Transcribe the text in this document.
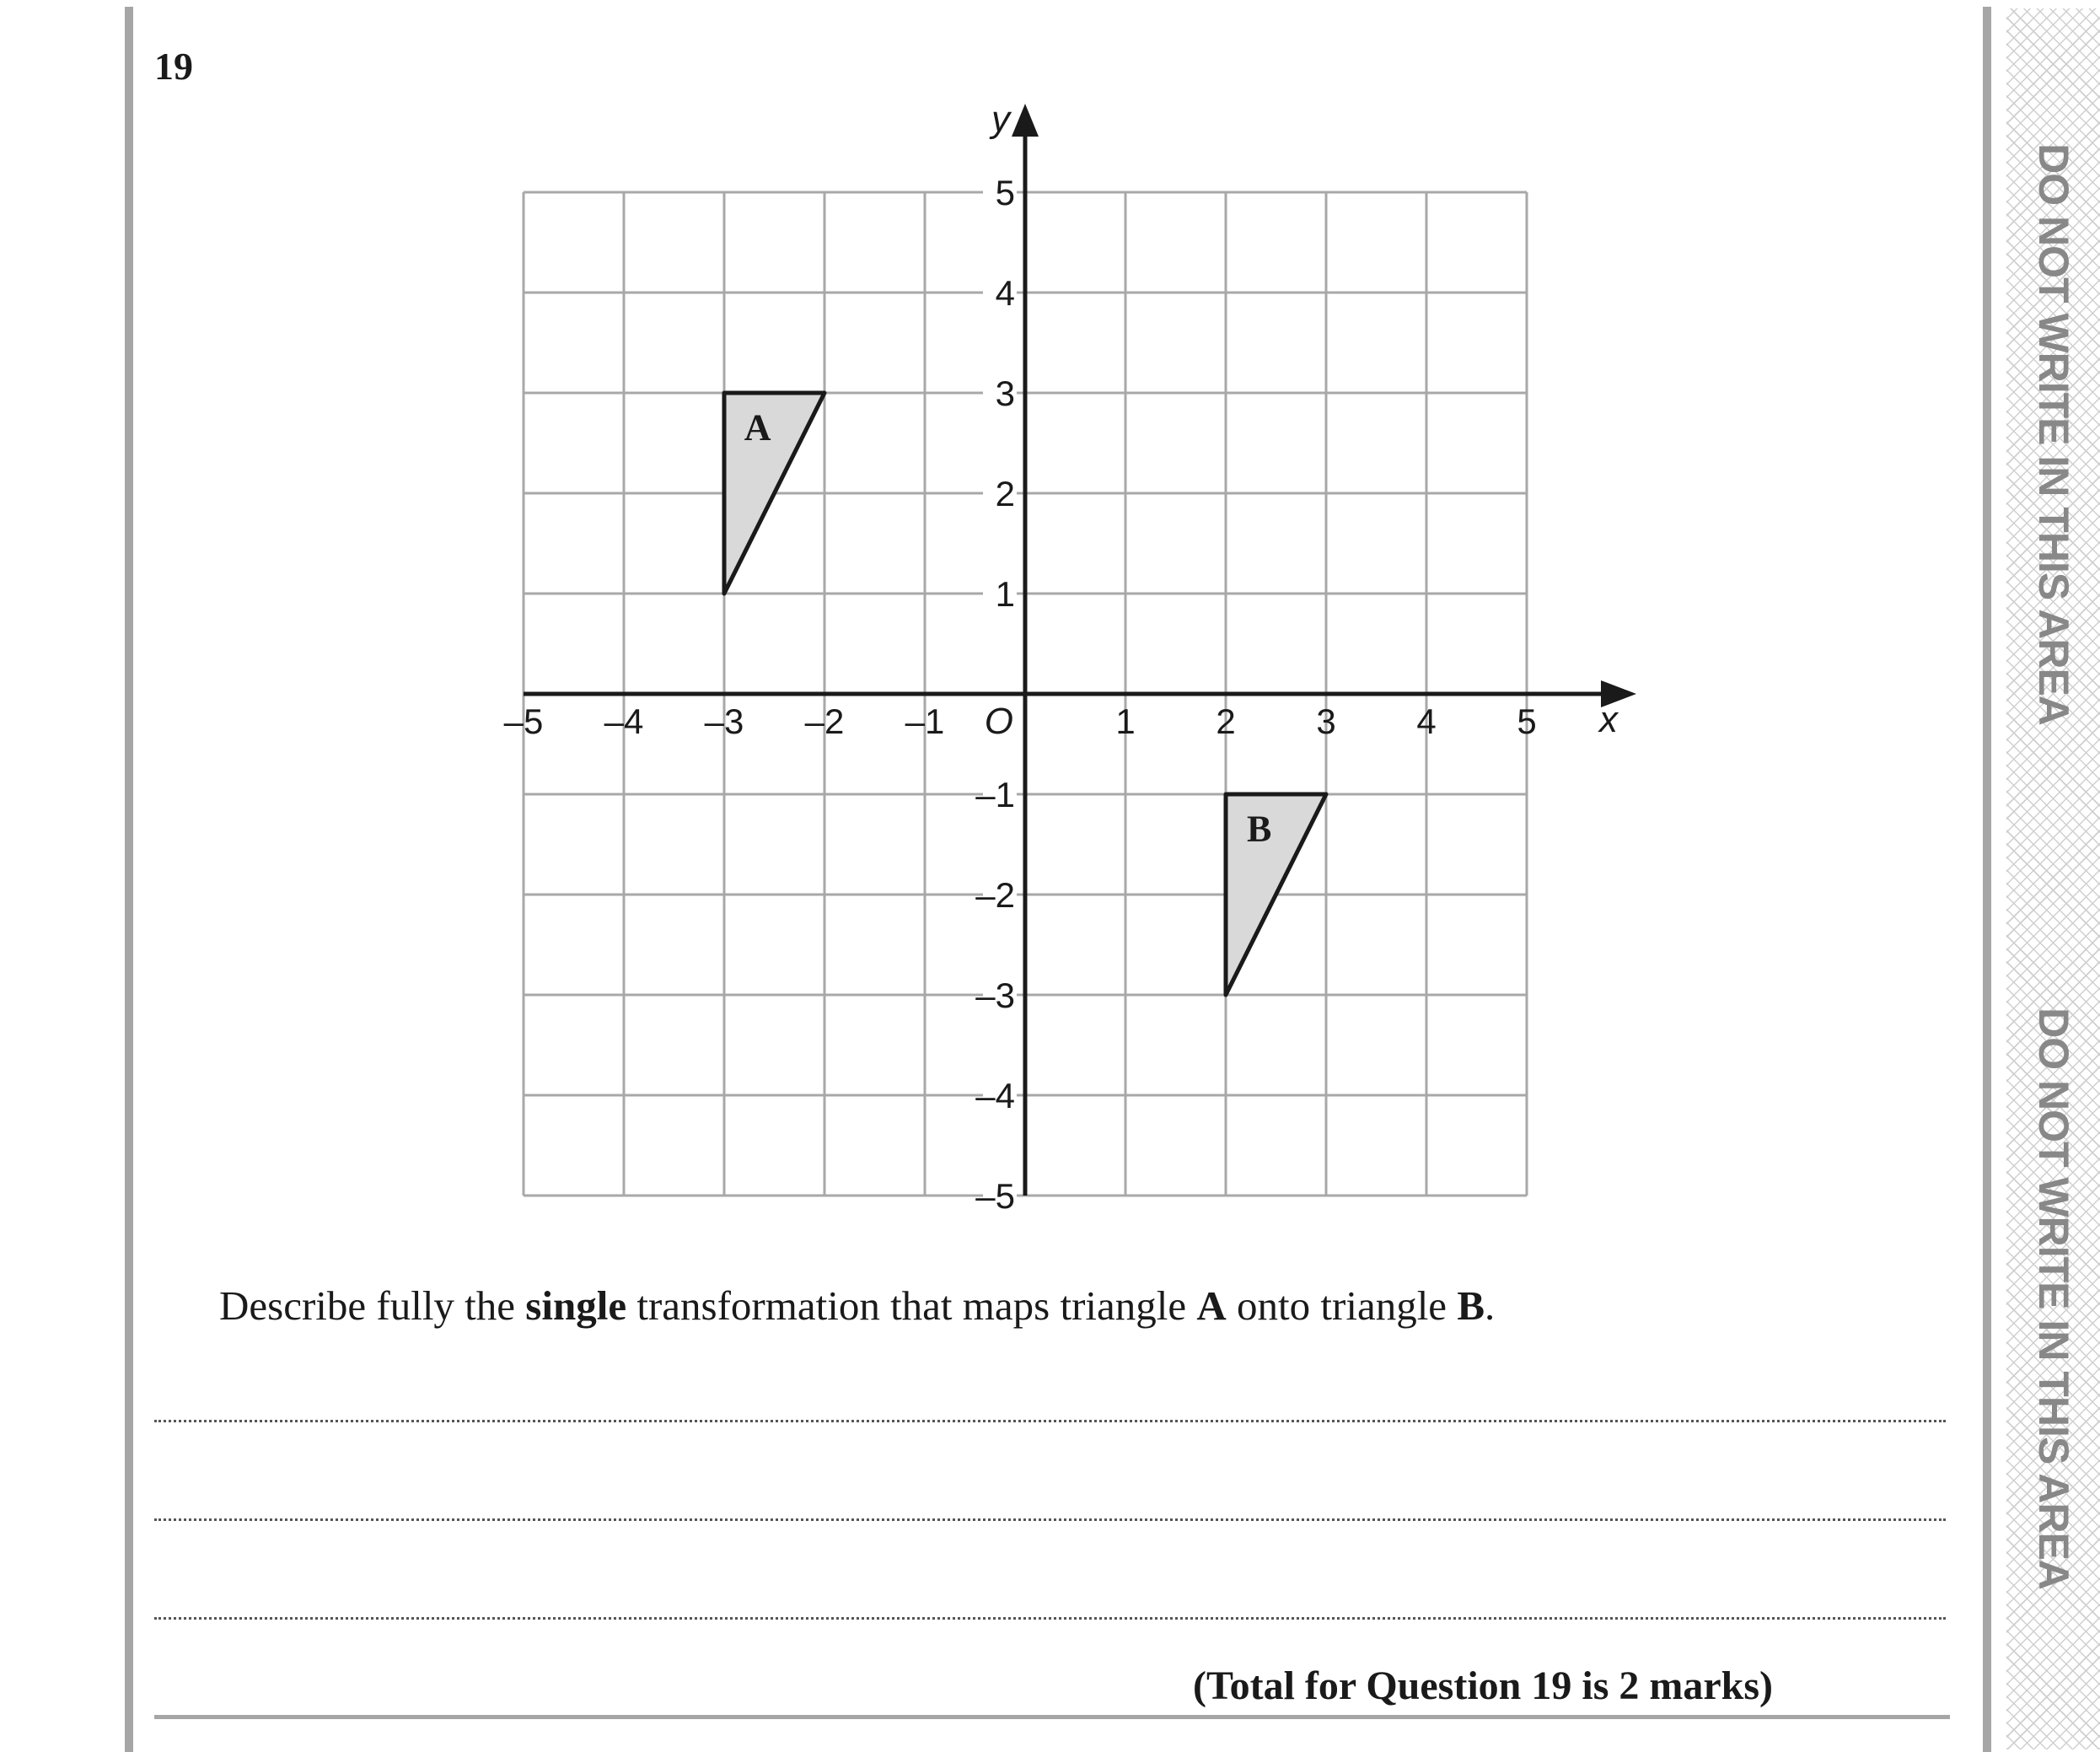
DO NOT WRITE IN THIS AREA
DO NOT WRITE IN THIS AREA
19
A
B
x
y
O
–5 –4 –3 –2 –1	1 2 3 4 5
5
4
3
2
1
–1
–2
–3
–4
–5
Describe fully the single transformation that maps triangle A onto triangle B.
(Total for Question 19 is 2 marks)
